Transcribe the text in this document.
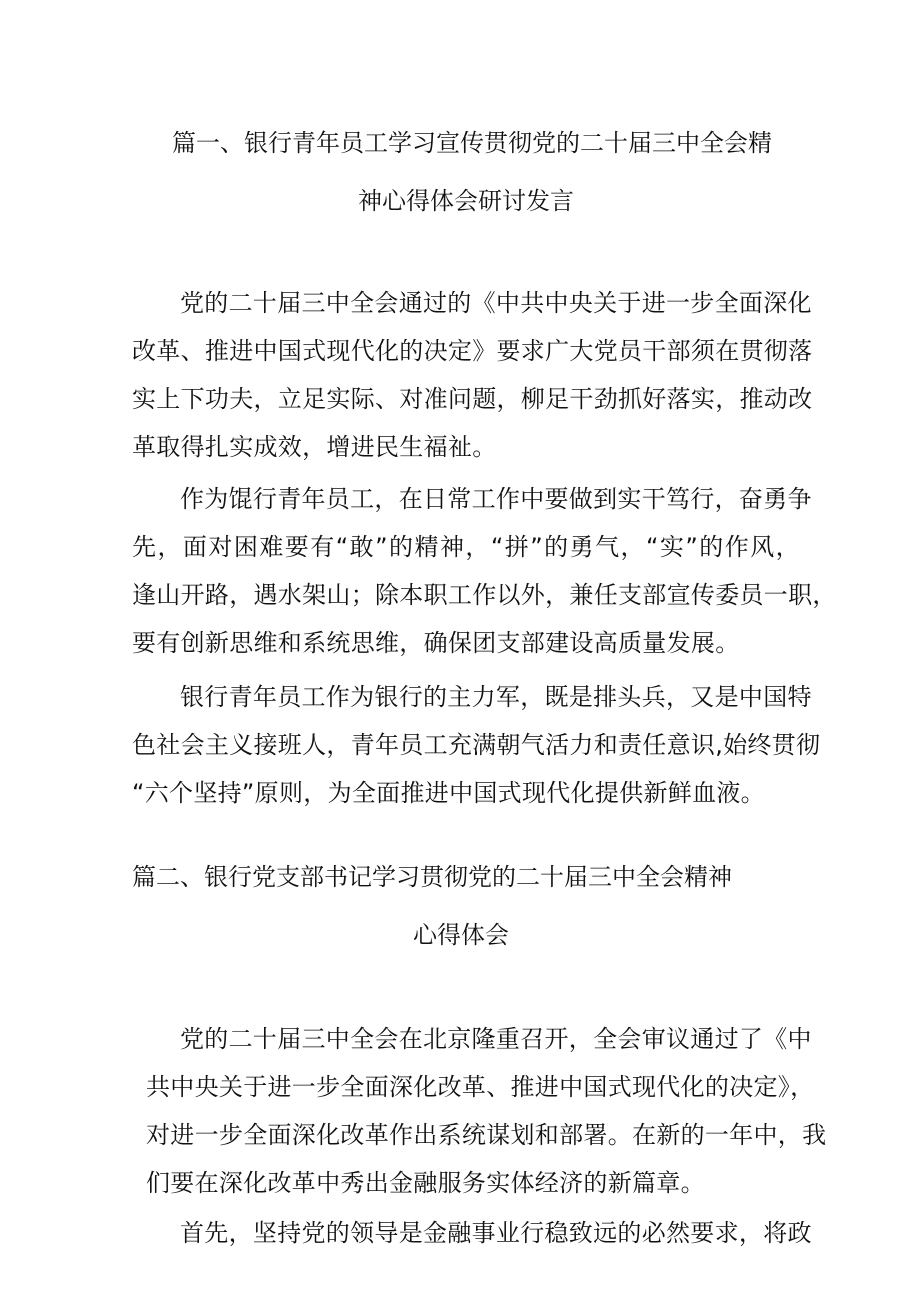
篇一、银行青年员工学习宣传贯彻党的二十届三中全会精
神心得体会研讨发言
党的二十届三中全会通过的《中共中央关于进一步全面深化
改革、推进中国式现代化的决定》要求广大党员干部须在贯彻落
实上下功夫，立足实际、对准问题，柳足干劲抓好落实，推动改
革取得扎实成效，增进民生福祉。
作为馄行青年员工，在日常工作中要做到实干笃行，奋勇争
先，面对困难要有“敢”的精神，“拼”的勇气，“实”的作风，
逢山开路，遇水架山；除本职工作以外，兼任支部宣传委员一职，
要有创新思维和系统思维，确保团支部建设高质量发展。
银行青年员工作为银行的主力军，既是排头兵，又是中国特
色社会主义接班人，青年员工充满朝气活力和责任意识,始终贯彻
“六个坚持”原则，为全面推进中国式现代化提供新鲜血液。
篇二、银行党支部书记学习贯彻党的二十届三中全会精神
心得体会
党的二十届三中全会在北京隆重召开，全会审议通过了《中
共中央关于进一步全面深化改革、推进中国式现代化的决定》，
对进一步全面深化改革作出系统谋划和部署。在新的一年中，我
们要在深化改革中秀出金融服务实体经济的新篇章。
首先，坚持党的领导是金融事业行稳致远的必然要求，将政
